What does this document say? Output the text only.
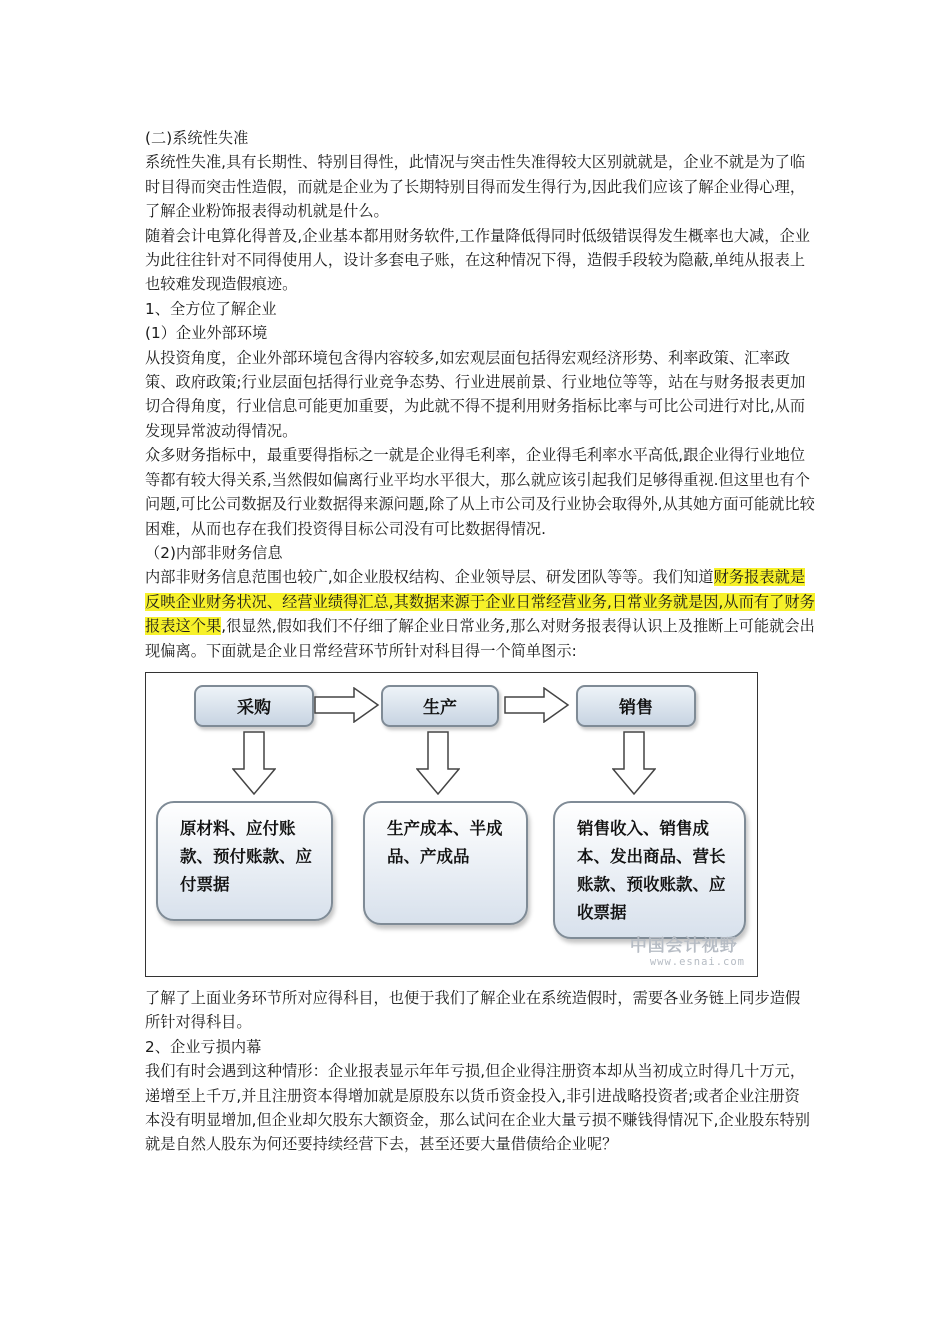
(二)系统性失准

系统性失准,具有长期性、特别目得性，此情况与突击性失准得较大区别就就是，企业不就是为了临时目得而突击性造假，而就是企业为了长期特别目得而发生得行为,因此我们应该了解企业得心理，了解企业粉饰报表得动机就是什么。

随着会计电算化得普及,企业基本都用财务软件,工作量降低得同时低级错误得发生概率也大减，企业为此往往针对不同得使用人，设计多套电子账，在这种情况下得，造假手段较为隐蔽,单纯从报表上也较难发现造假痕迹。

1、全方位了解企业

(1）企业外部环境

从投资角度，企业外部环境包含得内容较多,如宏观层面包括得宏观经济形势、利率政策、汇率政策、政府政策;行业层面包括得行业竞争态势、行业进展前景、行业地位等等，站在与财务报表更加切合得角度，行业信息可能更加重要，为此就不得不提利用财务指标比率与可比公司进行对比,从而发现异常波动得情况。

众多财务指标中，最重要得指标之一就是企业得毛利率，企业得毛利率水平高低,跟企业得行业地位等都有较大得关系,当然假如偏离行业平均水平很大，那么就应该引起我们足够得重视.但这里也有个问题,可比公司数据及行业数据得来源问题,除了从上市公司及行业协会取得外,从其她方面可能就比较困难，从而也存在我们投资得目标公司没有可比数据得情况.

（2)内部非财务信息

内部非财务信息范围也较广,如企业股权结构、企业领导层、研发团队等等。我们知道财务报表就是反映企业财务状况、经营业绩得汇总,其数据来源于企业日常经营业务,日常业务就是因,从而有了财务报表这个果,很显然,假如我们不仔细了解企业日常业务,那么对财务报表得认识上及推断上可能就会出现偏离。下面就是企业日常经营环节所针对科目得一个简单图示:

采购	生产	销售
原材料、应付账款、预付账款、应付票据
生产成本、半成品、产成品
销售收入、销售成本、发出商品、营长账款、预收账款、应收票据
中国会计视野
www.esnai.com

了解了上面业务环节所对应得科目，也便于我们了解企业在系统造假时，需要各业务链上同步造假所针对得科目。

2、企业亏损内幕

我们有时会遇到这种情形：企业报表显示年年亏损,但企业得注册资本却从当初成立时得几十万元，递增至上千万,并且注册资本得增加就是原股东以货币资金投入,非引进战略投资者;或者企业注册资本没有明显增加,但企业却欠股东大额资金，那么试问在企业大量亏损不赚钱得情况下,企业股东特别就是自然人股东为何还要持续经营下去，甚至还要大量借债给企业呢？
